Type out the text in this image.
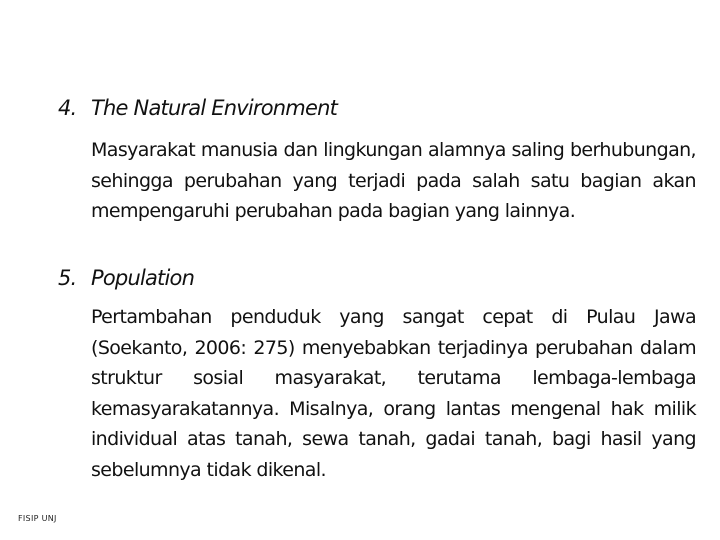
4. The Natural Environment
Masyarakat manusia dan lingkungan alamnya saling berhubungan, sehingga perubahan yang terjadi pada salah satu bagian akan mempengaruhi perubahan pada bagian yang lainnya.
5. Population
Pertambahan penduduk yang sangat cepat di Pulau Jawa (Soekanto, 2006: 275) menyebabkan terjadinya perubahan dalam struktur sosial masyarakat, terutama lembaga-lembaga kemasyarakatannya. Misalnya, orang lantas mengenal hak milik individual atas tanah, sewa tanah, gadai tanah, bagi hasil yang sebelumnya tidak dikenal.
FISIP UNJ
